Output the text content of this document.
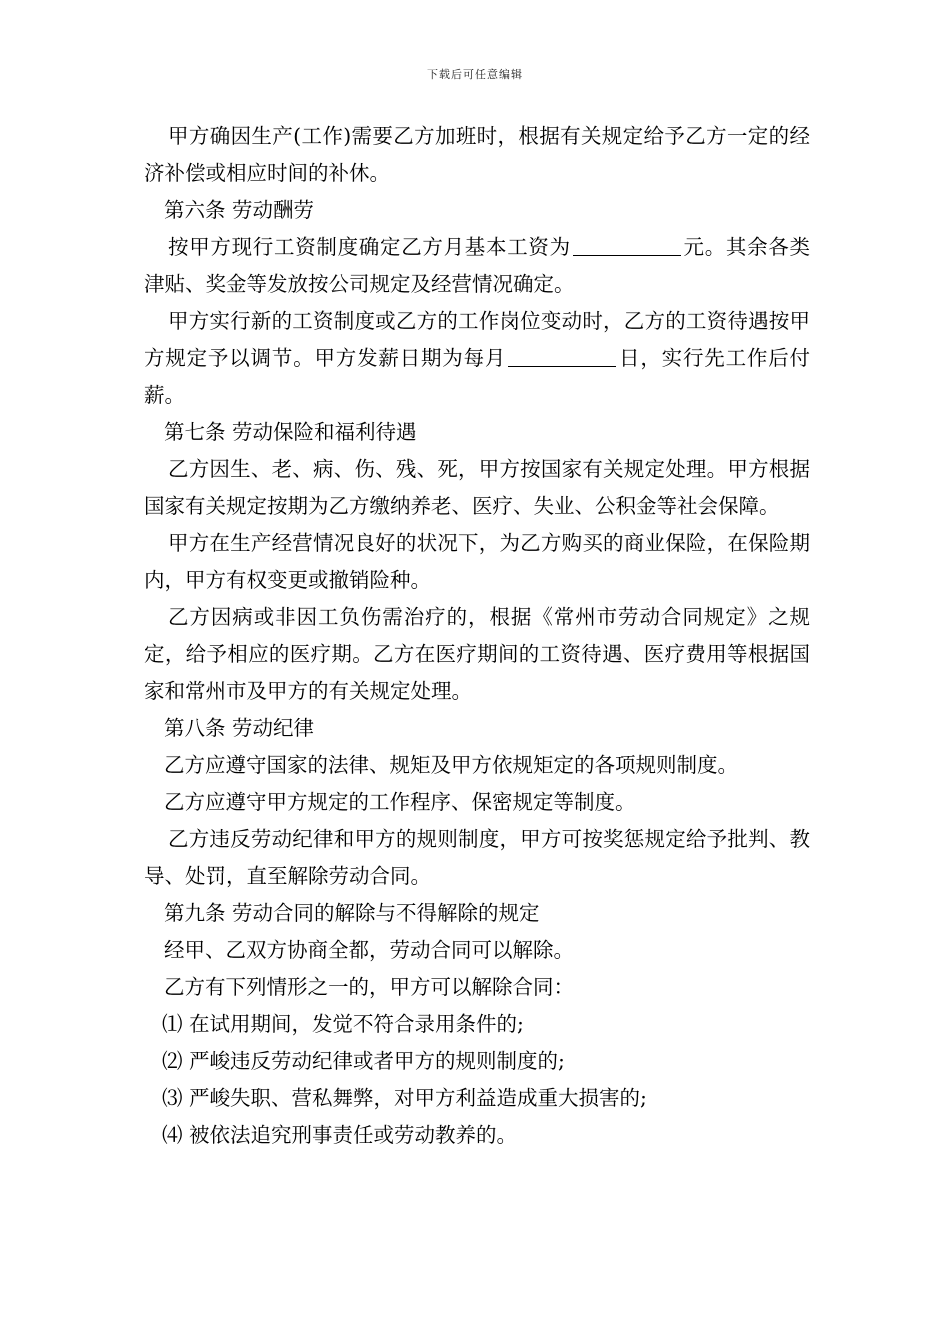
下载后可任意编辑

甲方确因生产(工作)需要乙方加班时，根据有关规定给予乙方一定的经济补偿或相应时间的补休。

第六条 劳动酬劳

按甲方现行工资制度确定乙方月基本工资为	元。其余各类津贴、奖金等发放按公司规定及经营情况确定。

甲方实行新的工资制度或乙方的工作岗位变动时，乙方的工资待遇按甲方规定予以调节。甲方发薪日期为每月	日，实行先工作后付薪。

第七条 劳动保险和福利待遇

乙方因生、老、病、伤、残、死，甲方按国家有关规定处理。甲方根据国家有关规定按期为乙方缴纳养老、医疗、失业、公积金等社会保障。

甲方在生产经营情况良好的状况下，为乙方购买的商业保险，在保险期内，甲方有权变更或撤销险种。

乙方因病或非因工负伤需治疗的，根据《常州市劳动合同规定》之规定，给予相应的医疗期。乙方在医疗期间的工资待遇、医疗费用等根据国家和常州市及甲方的有关规定处理。

第八条 劳动纪律

乙方应遵守国家的法律、规矩及甲方依规矩定的各项规则制度。

乙方应遵守甲方规定的工作程序、保密规定等制度。

乙方违反劳动纪律和甲方的规则制度，甲方可按奖惩规定给予批判、教导、处罚，直至解除劳动合同。

第九条 劳动合同的解除与不得解除的规定

经甲、乙双方协商全都，劳动合同可以解除。

乙方有下列情形之一的，甲方可以解除合同：

⑴ 在试用期间，发觉不符合录用条件的;

⑵ 严峻违反劳动纪律或者甲方的规则制度的;

⑶ 严峻失职、营私舞弊，对甲方利益造成重大损害的;

⑷ 被依法追究刑事责任或劳动教养的。
